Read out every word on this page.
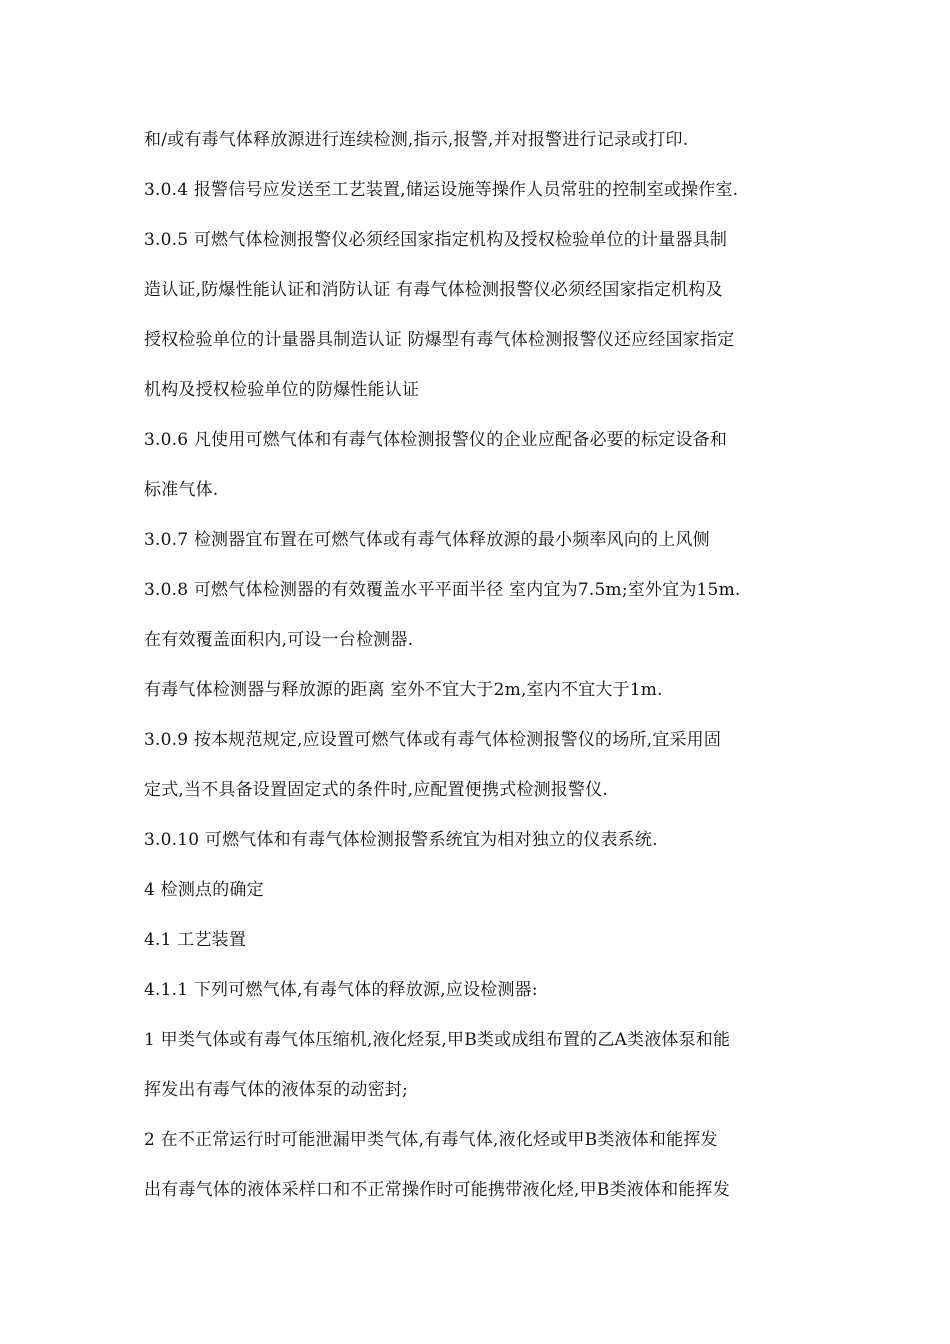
和/或有毒气体释放源进行连续检测,指示,报警,并对报警进行记录或打印.
3.0.4 报警信号应发送至工艺装置,储运设施等操作人员常驻的控制室或操作室.
3.0.5 可燃气体检测报警仪必须经国家指定机构及授权检验单位的计量器具制
造认证,防爆性能认证和消防认证 有毒气体检测报警仪必须经国家指定机构及
授权检验单位的计量器具制造认证 防爆型有毒气体检测报警仪还应经国家指定
机构及授权检验单位的防爆性能认证
3.0.6 凡使用可燃气体和有毒气体检测报警仪的企业应配备必要的标定设备和
标准气体.
3.0.7 检测器宜布置在可燃气体或有毒气体释放源的最小频率风向的上风侧
3.0.8 可燃气体检测器的有效覆盖水平平面半径 室内宜为7.5m;室外宜为15m.
在有效覆盖面积内,可设一台检测器.
有毒气体检测器与释放源的距离 室外不宜大于2m,室内不宜大于1m.
3.0.9 按本规范规定,应设置可燃气体或有毒气体检测报警仪的场所,宜采用固
定式,当不具备设置固定式的条件时,应配置便携式检测报警仪.
3.0.10 可燃气体和有毒气体检测报警系统宜为相对独立的仪表系统.
4 检测点的确定
4.1 工艺装置
4.1.1 下列可燃气体,有毒气体的释放源,应设检测器:
1 甲类气体或有毒气体压缩机,液化烃泵,甲B类或成组布置的乙A类液体泵和能
挥发出有毒气体的液体泵的动密封;
2 在不正常运行时可能泄漏甲类气体,有毒气体,液化烃或甲B类液体和能挥发
出有毒气体的液体采样口和不正常操作时可能携带液化烃,甲B类液体和能挥发
